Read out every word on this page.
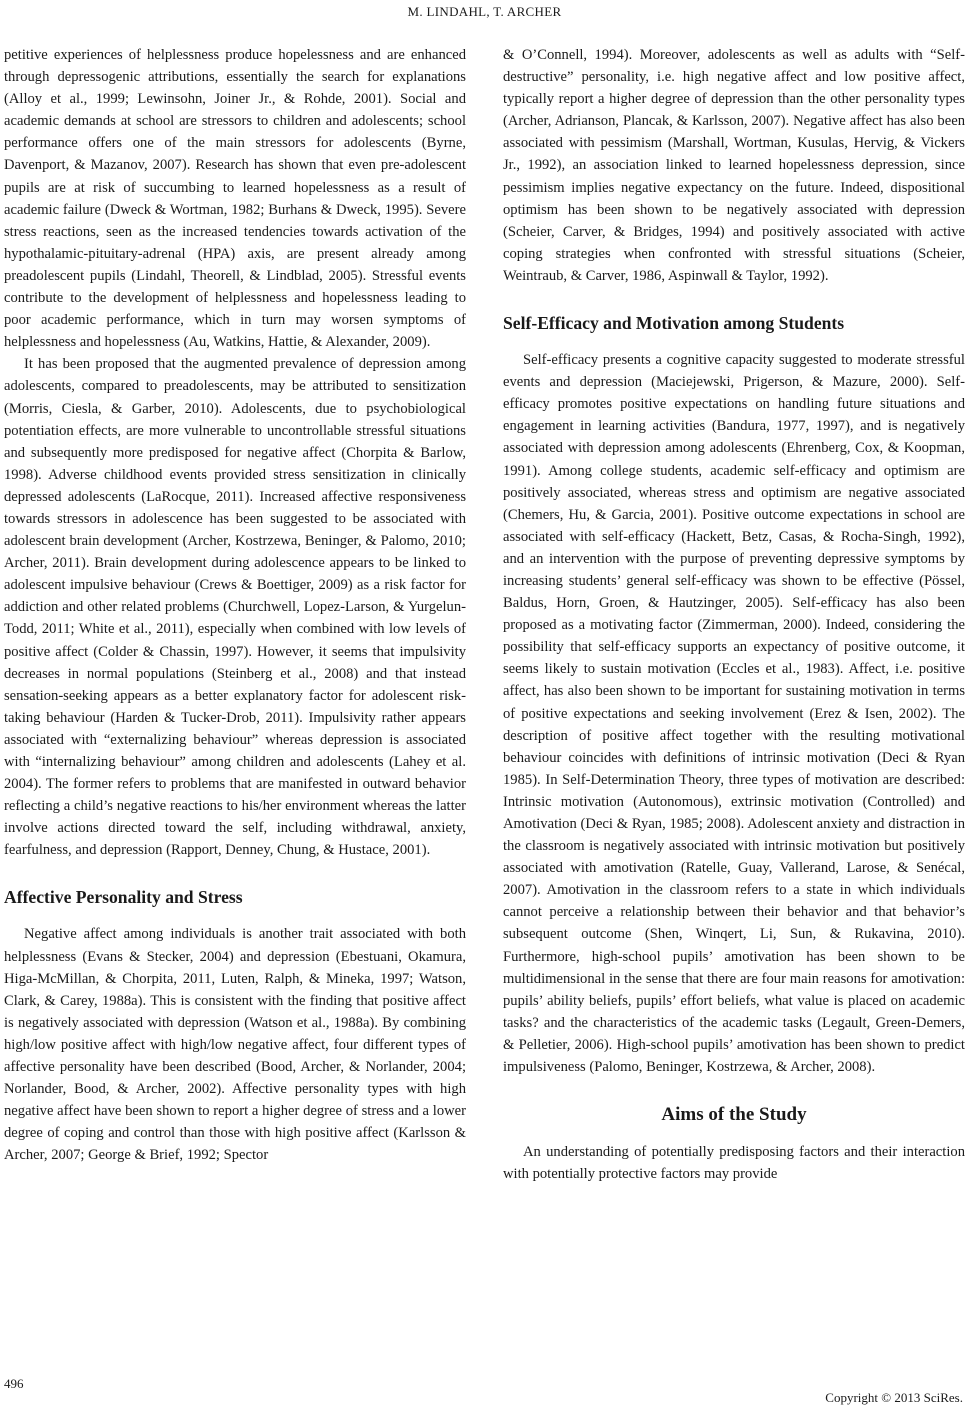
M. LINDAHL, T. ARCHER

petitive experiences of helplessness produce hopelessness and are enhanced through depressogenic attributions, essentially the search for explanations (Alloy et al., 1999; Lewinsohn, Joiner Jr., & Rohde, 2001). Social and academic demands at school are stressors to children and adolescents; school performance offers one of the main stressors for adolescents (Byrne, Davenport, & Mazanov, 2007). Research has shown that even pre-adolescent pupils are at risk of succumbing to learned hopelessness as a result of academic failure (Dweck & Wortman, 1982; Burhans & Dweck, 1995). Severe stress reactions, seen as the increased tendencies towards activation of the hypothalamic-pituitary-adrenal (HPA) axis, are present already among preadolescent pupils (Lindahl, Theorell, & Lindblad, 2005). Stressful events contribute to the development of helplessness and hopelessness leading to poor academic performance, which in turn may worsen symptoms of helplessness and hopelessness (Au, Watkins, Hattie, & Alexander, 2009).

It has been proposed that the augmented prevalence of depression among adolescents, compared to preadolescents, may be attributed to sensitization (Morris, Ciesla, & Garber, 2010). Adolescents, due to psychobiological potentiation effects, are more vulnerable to uncontrollable stressful situations and subsequently more predisposed for negative affect (Chorpita & Barlow, 1998). Adverse childhood events provided stress sensitization in clinically depressed adolescents (LaRocque, 2011). Increased affective responsiveness towards stressors in adolescence has been suggested to be associated with adolescent brain development (Archer, Kostrzewa, Beninger, & Palomo, 2010; Archer, 2011). Brain development during adolescence appears to be linked to adolescent impulsive behaviour (Crews & Boettiger, 2009) as a risk factor for addiction and other related problems (Churchwell, Lopez-Larson, & Yurgelun-Todd, 2011; White et al., 2011), especially when combined with low levels of positive affect (Colder & Chassin, 1997). However, it seems that impulsivity decreases in normal populations (Steinberg et al., 2008) and that instead sensation-seeking appears as a better explanatory factor for adolescent risk-taking behaviour (Harden & Tucker-Drob, 2011). Impulsivity rather appears associated with “externalizing behaviour” whereas depression is associated with “internalizing behaviour” among children and adolescents (Lahey et al. 2004). The former refers to problems that are manifested in outward behavior reflecting a child’s negative reactions to his/her environment whereas the latter involve actions directed toward the self, including withdrawal, anxiety, fearfulness, and depression (Rapport, Denney, Chung, & Hustace, 2001).

Affective Personality and Stress

Negative affect among individuals is another trait associated with both helplessness (Evans & Stecker, 2004) and depression (Ebestuani, Okamura, Higa-McMillan, & Chorpita, 2011, Luten, Ralph, & Mineka, 1997; Watson, Clark, & Carey, 1988a). This is consistent with the finding that positive affect is negatively associated with depression (Watson et al., 1988a). By combining high/low positive affect with high/low negative affect, four different types of affective personality have been described (Bood, Archer, & Norlander, 2004; Norlander, Bood, & Archer, 2002). Affective personality types with high negative affect have been shown to report a higher degree of stress and a lower degree of coping and control than those with high positive affect (Karlsson & Archer, 2007; George & Brief, 1992; Spector

& O’Connell, 1994). Moreover, adolescents as well as adults with “Self-destructive” personality, i.e. high negative affect and low positive affect, typically report a higher degree of depression than the other personality types (Archer, Adrianson, Plancak, & Karlsson, 2007). Negative affect has also been associated with pessimism (Marshall, Wortman, Kusulas, Hervig, & Vickers Jr., 1992), an association linked to learned hopelessness depression, since pessimism implies negative expectancy on the future. Indeed, dispositional optimism has been shown to be negatively associated with depression (Scheier, Carver, & Bridges, 1994) and positively associated with active coping strategies when confronted with stressful situations (Scheier, Weintraub, & Carver, 1986, Aspinwall & Taylor, 1992).

Self-Efficacy and Motivation among Students

Self-efficacy presents a cognitive capacity suggested to moderate stressful events and depression (Maciejewski, Prigerson, & Mazure, 2000). Self-efficacy promotes positive expectations on handling future situations and engagement in learning activities (Bandura, 1977, 1997), and is negatively associated with depression among adolescents (Ehrenberg, Cox, & Koopman, 1991). Among college students, academic self-efficacy and optimism are positively associated, whereas stress and optimism are negative associated (Chemers, Hu, & Garcia, 2001). Positive outcome expectations in school are associated with self-efficacy (Hackett, Betz, Casas, & Rocha-Singh, 1992), and an intervention with the purpose of preventing depressive symptoms by increasing students’ general self-efficacy was shown to be effective (Pössel, Baldus, Horn, Groen, & Hautzinger, 2005). Self-efficacy has also been proposed as a motivating factor (Zimmerman, 2000). Indeed, considering the possibility that self-efficacy supports an expectancy of positive outcome, it seems likely to sustain motivation (Eccles et al., 1983). Affect, i.e. positive affect, has also been shown to be important for sustaining motivation in terms of positive expectations and seeking involvement (Erez & Isen, 2002). The description of positive affect together with the resulting motivational behaviour coincides with definitions of intrinsic motivation (Deci & Ryan 1985). In Self-Determination Theory, three types of motivation are described: Intrinsic motivation (Autonomous), extrinsic motivation (Controlled) and Amotivation (Deci & Ryan, 1985; 2008). Adolescent anxiety and distraction in the classroom is negatively associated with intrinsic motivation but positively associated with amotivation (Ratelle, Guay, Vallerand, Larose, & Senécal, 2007). Amotivation in the classroom refers to a state in which individuals cannot perceive a relationship between their behavior and that behavior’s subsequent outcome (Shen, Winqert, Li, Sun, & Rukavina, 2010). Furthermore, high-school pupils’ amotivation has been shown to be multidimensional in the sense that there are four main reasons for amotivation: pupils’ ability beliefs, pupils’ effort beliefs, what value is placed on academic tasks? and the characteristics of the academic tasks (Legault, Green-Demers, & Pelletier, 2006). High-school pupils’ amotivation has been shown to predict impulsiveness (Palomo, Beninger, Kostrzewa, & Archer, 2008).

Aims of the Study

An understanding of potentially predisposing factors and their interaction with potentially protective factors may provide

496
Copyright © 2013 SciRes.
